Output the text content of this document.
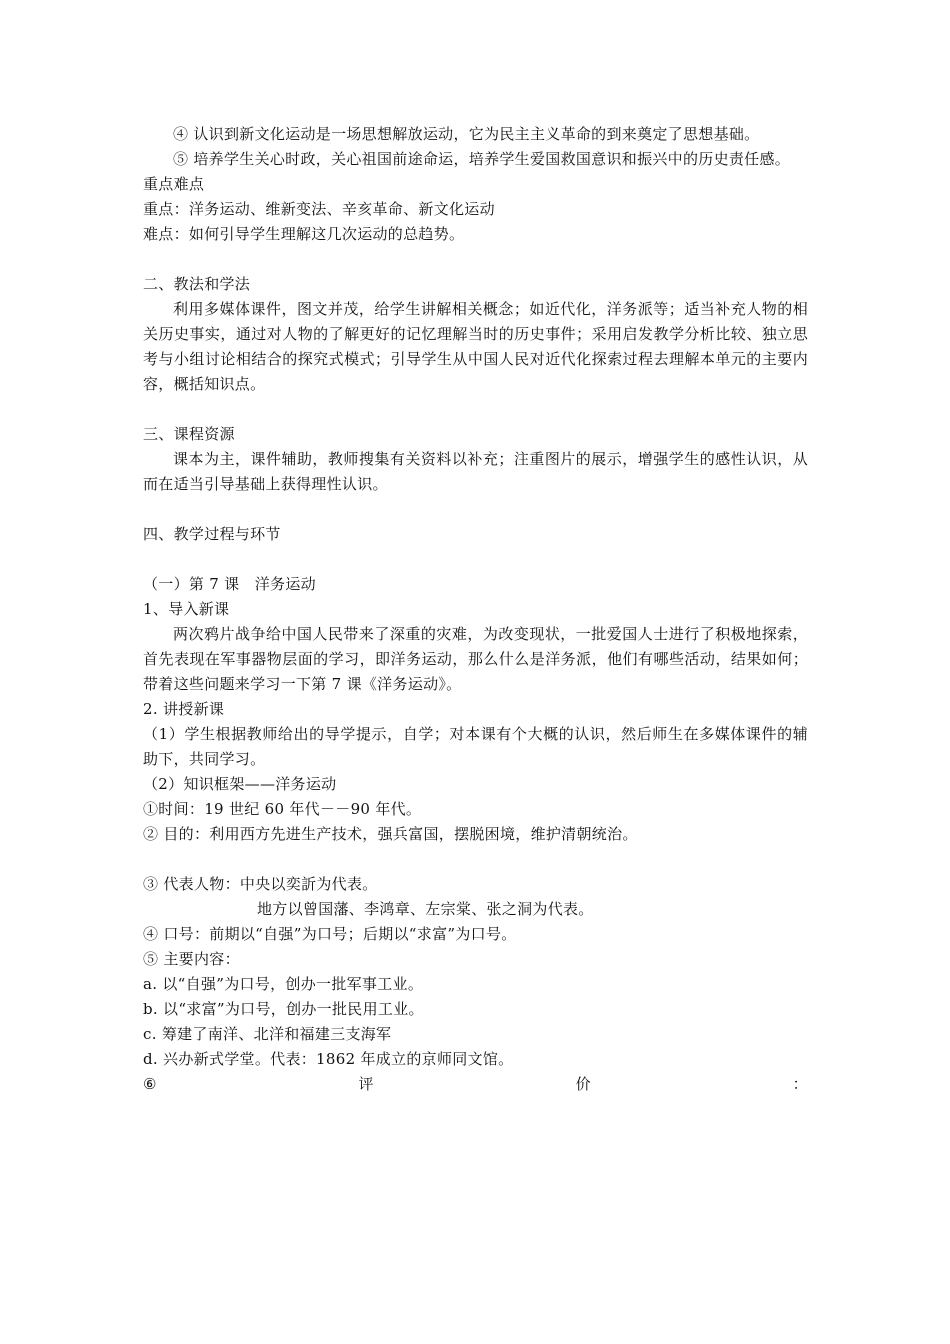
④ 认识到新文化运动是一场思想解放运动，它为民主主义革命的到来奠定了思想基础。

⑤ 培养学生关心时政，关心祖国前途命运，培养学生爱国救国意识和振兴中的历史责任感。

重点难点

重点：洋务运动、维新变法、辛亥革命、新文化运动

难点：如何引导学生理解这几次运动的总趋势。

二、教法和学法

利用多媒体课件，图文并茂，给学生讲解相关概念；如近代化，洋务派等；适当补充人物的相关历史事实，通过对人物的了解更好的记忆理解当时的历史事件；采用启发教学分析比较、独立思考与小组讨论相结合的探究式模式；引导学生从中国人民对近代化探索过程去理解本单元的主要内容，概括知识点。

三、课程资源

课本为主，课件辅助，教师搜集有关资料以补充；注重图片的展示，增强学生的感性认识，从而在适当引导基础上获得理性认识。

四、教学过程与环节

（一）第 7 课　洋务运动

1、导入新课

两次鸦片战争给中国人民带来了深重的灾难，为改变现状，一批爱国人士进行了积极地探索，首先表现在军事器物层面的学习，即洋务运动，那么什么是洋务派，他们有哪些活动，结果如何；带着这些问题来学习一下第 7 课《洋务运动》。

2. 讲授新课

（1）学生根据教师给出的导学提示，自学；对本课有个大概的认识，然后师生在多媒体课件的辅助下，共同学习。

（2）知识框架——洋务运动

①时间：19 世纪 60 年代－－90 年代。

② 目的：利用西方先进生产技术，强兵富国，摆脱困境，维护清朝统治。

③ 代表人物：中央以奕訢为代表。

地方以曾国藩、李鸿章、左宗棠、张之洞为代表。

④ 口号：前期以“自强”为口号；后期以“求富”为口号。

⑤ 主要内容：

a. 以“自强”为口号，创办一批军事工业。

b. 以“求富”为口号，创办一批民用工业。

c. 筹建了南洋、北洋和福建三支海军

d. 兴办新式学堂。代表：1862 年成立的京师同文馆。

⑥	评	价	：
